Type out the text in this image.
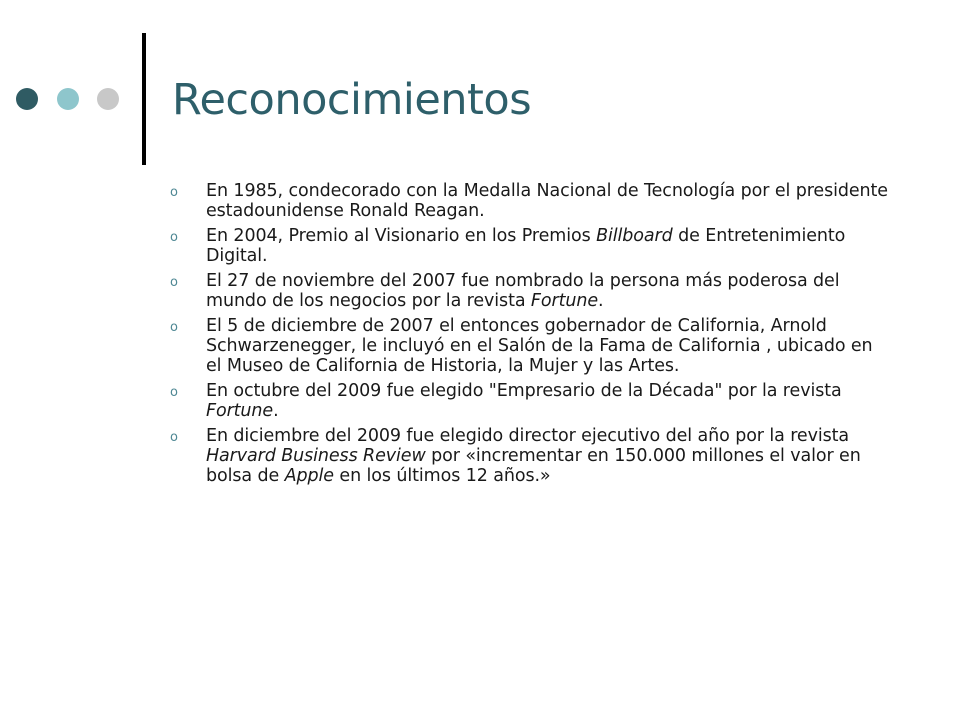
Reconocimientos
o	En 1985, condecorado con la Medalla Nacional de Tecnología por el presidente estadounidense Ronald Reagan.
o	En 2004, Premio al Visionario en los Premios Billboard de Entretenimiento Digital.
o	El 27 de noviembre del 2007 fue nombrado la persona más poderosa del mundo de los negocios por la revista Fortune.
o	El 5 de diciembre de 2007 el entonces gobernador de California, Arnold Schwarzenegger, le incluyó en el Salón de la Fama de California , ubicado en el Museo de California de Historia, la Mujer y las Artes.
o	En octubre del 2009 fue elegido "Empresario de la Década" por la revista Fortune.
o	En diciembre del 2009 fue elegido director ejecutivo del año por la revista Harvard Business Review por «incrementar en 150.000 millones el valor en bolsa de Apple en los últimos 12 años.»
